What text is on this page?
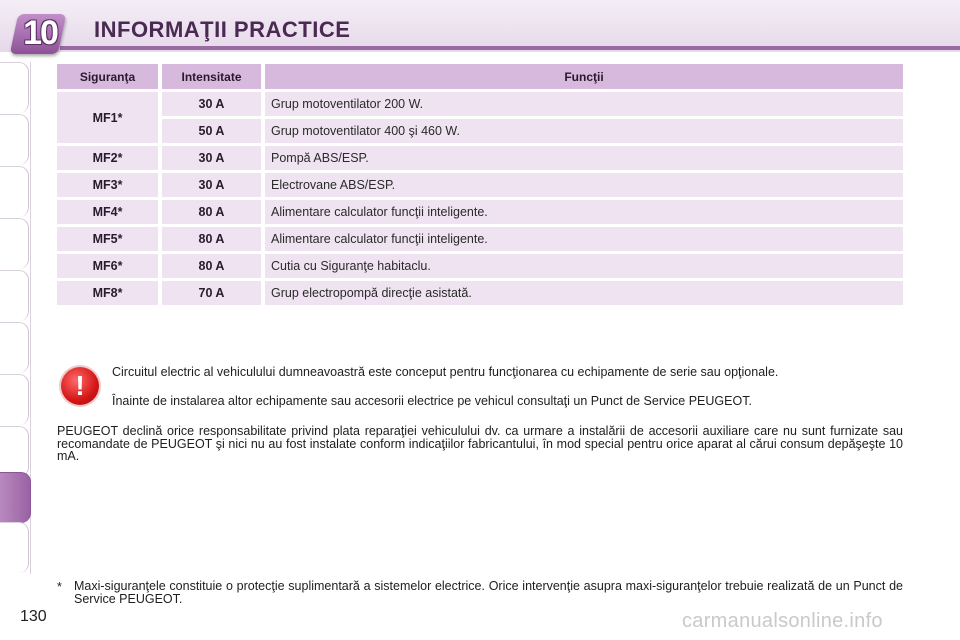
10	INFORMAŢII PRACTICE
Siguranţa		Intensitate		Funcţii
MF1*		30 A		Grup motoventilator 200 W.
		50 A		Grup motoventilator 400 şi 460 W.
MF2*		30 A		Pompă ABS/ESP.
MF3*		30 A		Electrovane ABS/ESP.
MF4*		80 A		Alimentare calculator funcţii inteligente.
MF5*		80 A		Alimentare calculator funcţii inteligente.
MF6*		80 A		Cutia cu Siguranţe habitaclu.
MF8*		70 A		Grup electropompă direcţie asistată.
!	Circuitul electric al vehiculului dumneavoastră este conceput pentru funcţionarea cu echipamente de serie sau opţionale.
Înainte de instalarea altor echipamente sau accesorii electrice pe vehicul consultaţi un Punct de Service PEUGEOT.
PEUGEOT declină orice responsabilitate privind plata reparaţiei vehiculului dv. ca urmare a instalării de accesorii auxiliare care nu sunt furnizate sau recomandate de PEUGEOT şi nici nu au fost instalate conform indicaţiilor fabricantului, în mod special pentru orice aparat al cărui consum depăşeşte 10 mA.
* Maxi-siguranţele constituie o protecţie suplimentară a sistemelor electrice. Orice intervenţie asupra maxi-siguranţelor trebuie realizată de un Punct de Service PEUGEOT.
130	carmanualsonline.info
